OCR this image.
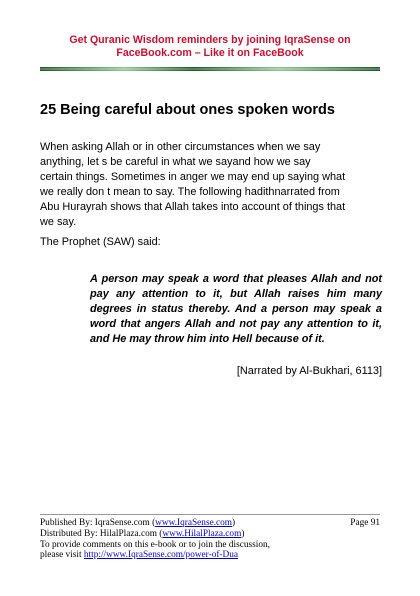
Get Quranic Wisdom reminders by joining IqraSense on
FaceBook.com – Like it on FaceBook
25 Being careful about ones spoken words

When asking Allah or in other circumstances when we say
anything, let s be careful in what we sayand how we say
certain things. Sometimes in anger we may end up saying what
we really don t mean to say. The following hadithnarrated from
Abu Hurayrah shows that Allah takes into account of things that
we say.

The Prophet (SAW) said:

A person may speak a word that pleases Allah and not pay any attention to it, but Allah raises him many degrees in status thereby. And a person may speak a word that angers Allah and not pay any attention to it, and He may throw him into Hell because of it.

[Narrated by Al-Bukhari, 6113]

Page 91
Published By: IqraSense.com (www.IqraSense.com)
Distributed By: HilalPlaza.com (www.HilalPlaza.com)
To provide comments on this e-book or to join the discussion,
please visit http://www.IqraSense.com/power-of-Dua
